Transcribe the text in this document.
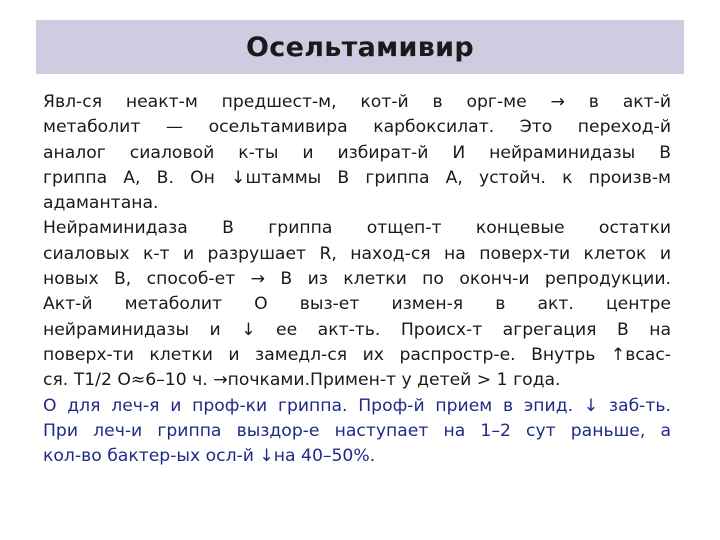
Осельтамивир
Явл-ся неакт-м предшест-м, кот-й в орг-ме → в акт-й
метаболит — осельтамивира карбоксилат. Это переход-й
аналог сиаловой к-ты и избират-й И нейраминидазы В
гриппа А, В. Он ↓штаммы В гриппа А, устойч. к произв-м
адамантана.
Нейраминидаза В гриппа отщеп-т концевые остатки
сиаловых к-т и разрушает R, наход-ся на поверх-ти клеток и
новых В, способ-ет → В из клетки по оконч-и репродукции.
Акт-й метаболит О выз-ет измен-я в акт. центре
нейраминидазы и ↓ ее акт-ть. Происх-т агрегация В на
поверх-ти клетки и замедл-ся их распростр-е. Внутрь ↑всас-
ся. Т1/2 О≈6–10 ч. →почками.Примен-т у детей > 1 года.
О для леч-я и проф-ки гриппа. Проф-й прием в эпид. ↓ заб-ть.
При леч-и гриппа выздор-е наступает на 1–2 сут раньше, а
кол-во бактер-ых осл-й ↓на 40–50%.
